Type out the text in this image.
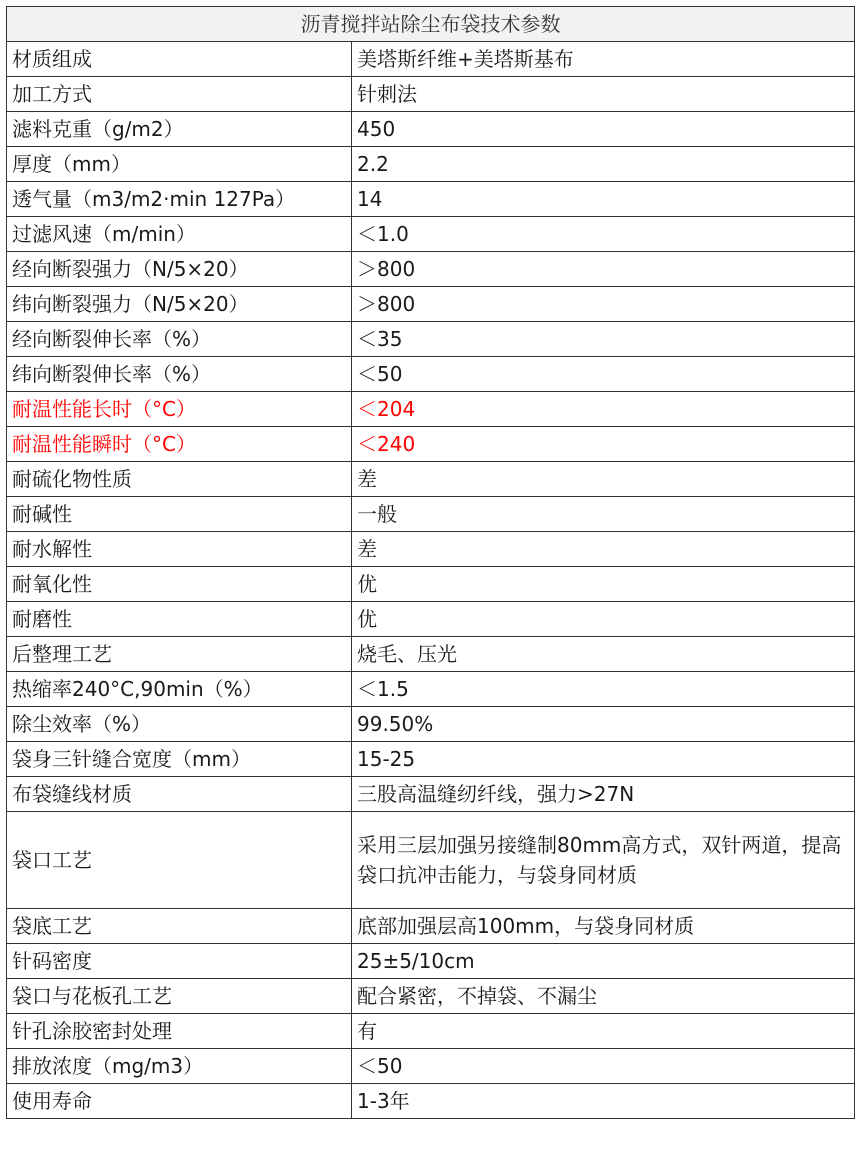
沥青搅拌站除尘布袋技术参数	
材质组成	美塔斯纤维+美塔斯基布
加工方式	针刺法
滤料克重（g/m2）	450
厚度（mm）	2.2
透气量（m3/m2·min 127Pa）	14
过滤风速（m/min）	＜1.0
经向断裂强力（N/5×20）	＞800
纬向断裂强力（N/5×20）	＞800
经向断裂伸长率（%）	＜35
纬向断裂伸长率（%）	＜50
耐温性能长时（°C）	＜204
耐温性能瞬时（°C）	＜240
耐硫化物性质	差
耐碱性	一般
耐水解性	差
耐氧化性	优
耐磨性	优
后整理工艺	烧毛、压光
热缩率240°C,90min（%）	＜1.5
除尘效率（%）	99.50%
袋身三针缝合宽度（mm）	15-25
布袋缝线材质	三股高温缝纫纤线，强力>27N
袋口工艺	采用三层加强另接缝制80mm高方式，双针两道，提高袋口抗冲击能力，与袋身同材质
袋底工艺	底部加强层高100mm，与袋身同材质
针码密度	25±5/10cm
袋口与花板孔工艺	配合紧密，不掉袋、不漏尘
针孔涂胶密封处理	有
排放浓度（mg/m3）	＜50
使用寿命	1-3年
